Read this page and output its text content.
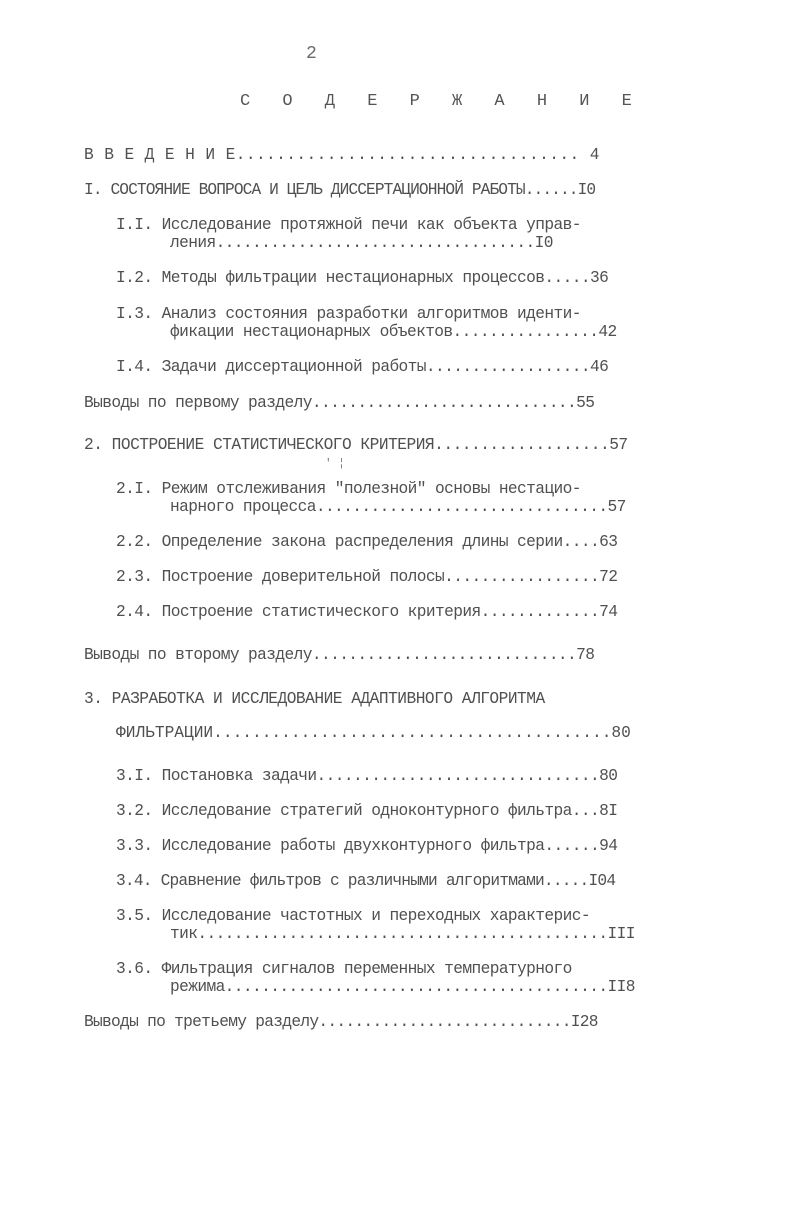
2
С О Д Е Р Ж А Н И Е
В В Е Д Е Н И Е.................................. 4
I. СОСТОЯНИЕ ВОПРОСА И ЦЕЛЬ ДИССЕРТАЦИОННОЙ РАБОТЫ......I0
I.I. Исследование протяжной печи как объекта управ-
ления...................................I0
I.2. Методы фильтрации нестационарных процессов.....36
I.3. Анализ состояния разработки алгоритмов иденти-
фикации нестационарных объектов................42
I.4. Задачи диссертационной работы..................46
Выводы по первому разделу.............................55
2. ПОСТРОЕНИЕ СТАТИСТИЧЕСКОГО КРИТЕРИЯ...................57
' ¦
2.I. Режим отслеживания "полезной" основы нестацио-
нарного процесса................................57
2.2. Определение закона распределения длины серии....63
2.3. Построение доверительной полосы.................72
2.4. Построение статистического критерия.............74
Выводы по второму разделу.............................78
3. РАЗРАБОТКА И ИССЛЕДОВАНИЕ АДАПТИВНОГО АЛГОРИТМА
ФИЛЬТРАЦИИ.........................................80
3.I. Постановка задачи...............................80
3.2. Исследование стратегий одноконтурного фильтра...8I
3.3. Исследование работы двухконтурного фильтра......94
3.4. Сравнение фильтров с различными алгоритмами.....I04
3.5. Исследование частотных и переходных характерис-
тик.............................................III
3.6. Фильтрация сигналов переменных температурного
режима..........................................II8
Выводы по третьему разделу............................I28
